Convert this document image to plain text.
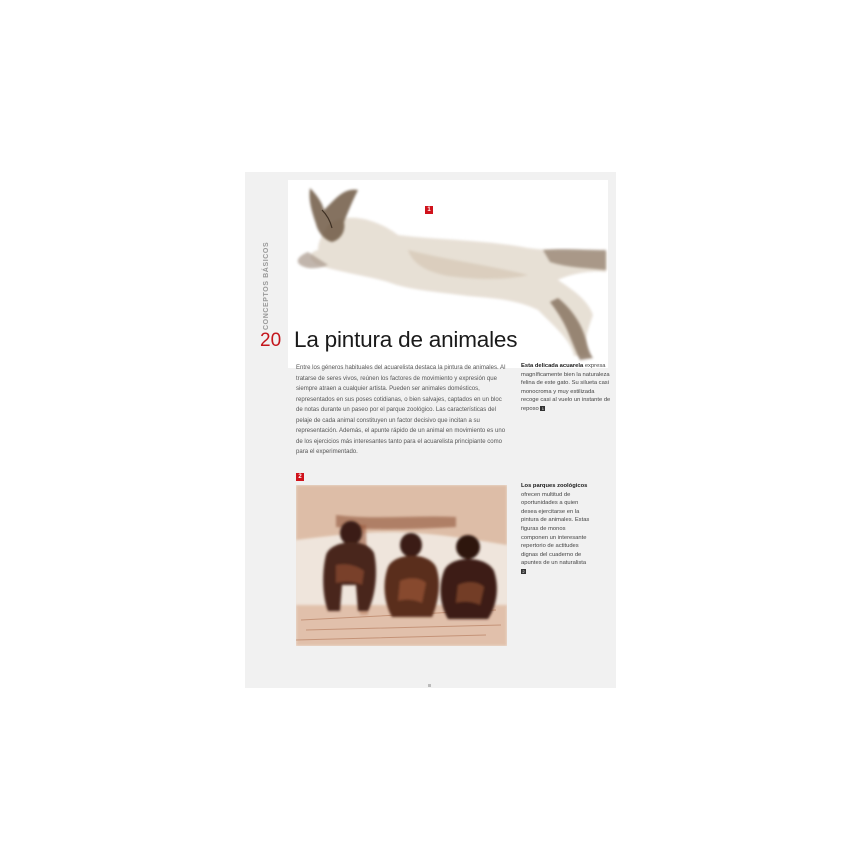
1
CONCEPTOS BÁSICOS
20 La pintura de animales
Entre los géneros habituales del acuarelista destaca la pintura de animales. Al tratarse de seres vivos, reúnen los factores de movimiento y expresión que siempre atraen a cualquier artista. Pueden ser animales domésticos, representados en sus poses cotidianas, o bien salvajes, captados en un bloc de notas durante un paseo por el parque zoológico. Las características del pelaje de cada animal constituyen un factor decisivo que incitan a su representación. Además, el apunte rápido de un animal en movimiento es uno de los ejercicios más interesantes tanto para el acuarelista principiante como para el experimentado.
Esta delicada acuarela expresa magníficamente bien la naturaleza felina de este gato. Su silueta casi monocroma y muy estilizada recoge casi al vuelo un instante de reposo 1
2
Los parques zoológicos ofrecen multitud de oportunidades a quien desea ejercitarse en la pintura de animales. Estas figuras de monos componen un interesante repertorio de actitudes dignas del cuaderno de apuntes de un naturalista 2
